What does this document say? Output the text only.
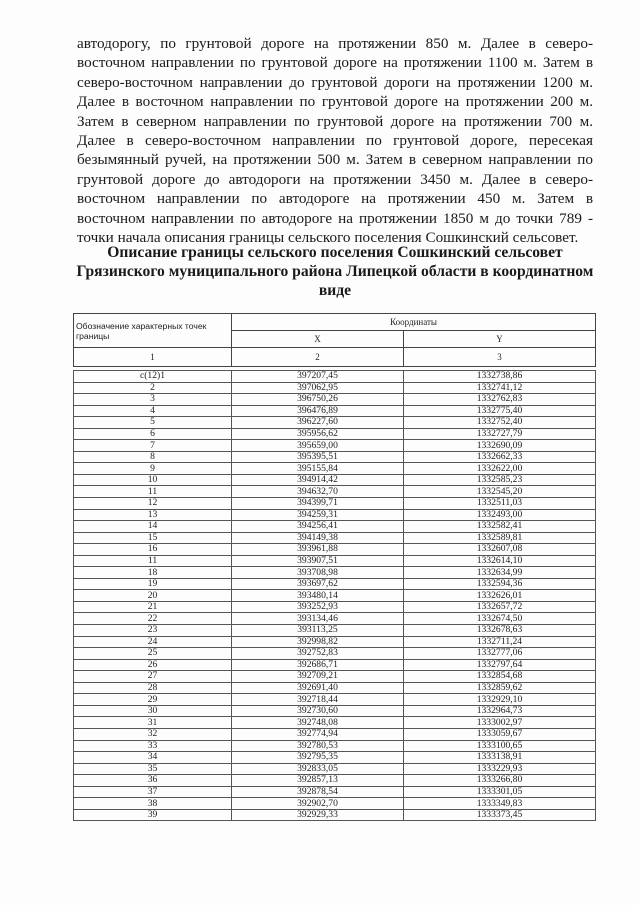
автодорогу, по грунтовой дороге на протяжении 850 м. Далее в северо-восточном направлении по грунтовой дороге на протяжении 1100 м. Затем в северо-восточном направлении до грунтовой дороги на протяжении 1200 м. Далее в восточном направлении по грунтовой дороге на протяжении 200 м. Затем в северном направлении по грунтовой дороге на протяжении 700 м. Далее в северо-восточном направлении по грунтовой дороге, пересекая безымянный ручей, на протяжении 500 м. Затем в северном направлении по грунтовой дороге до автодороги на протяжении 3450 м. Далее в северо-восточном направлении по автодороге на протяжении 450 м. Затем в восточном направлении по автодороге на протяжении 1850 м до точки 789 - точки начала описания границы сельского поселения Сошкинский сельсовет.

Описание границы сельского поселения Сошкинский сельсовет
Грязинского муниципального района Липецкой области в координатном
виде
Обозначение характерных точек границы	Координаты	
	X	Y
1	2	3
c(12)1	397207,45	1332738,86
2	397062,95	1332741,12
3	396750,26	1332762,83
4	396476,89	1332775,40
5	396227,60	1332752,40
6	395956,62	1332727,79
7	395659,00	1332690,09
8	395395,51	1332662,33
9	395155,84	1332622,00
10	394914,42	1332585,23
11	394632,70	1332545,20
12	394399,71	1332511,03
13	394259,31	1332493,00
14	394256,41	1332582,41
15	394149,38	1332589,81
16	393961,88	1332607,08
11	393907,51	1332614,10
18	393708,98	1332634,99
19	393697,62	1332594,36
20	393480,14	1332626,01
21	393252,93	1332657,72
22	393134,46	1332674,50
23	393113,25	1332678,63
24	392998,82	1332711,24
25	392752,83	1332777,06
26	392686,71	1332797,64
27	392709,21	1332854,68
28	392691,40	1332859,62
29	392718,44	1332929,10
30	392730,60	1332964,73
31	392748,08	1333002,97
32	392774,94	1333059,67
33	392780,53	1333100,65
34	392795,35	1333138,91
35	392833,05	1333229,93
36	392857,13	1333266,80
37	392878,54	1333301,05
38	392902,70	1333349,83
39	392929,33	1333373,45
